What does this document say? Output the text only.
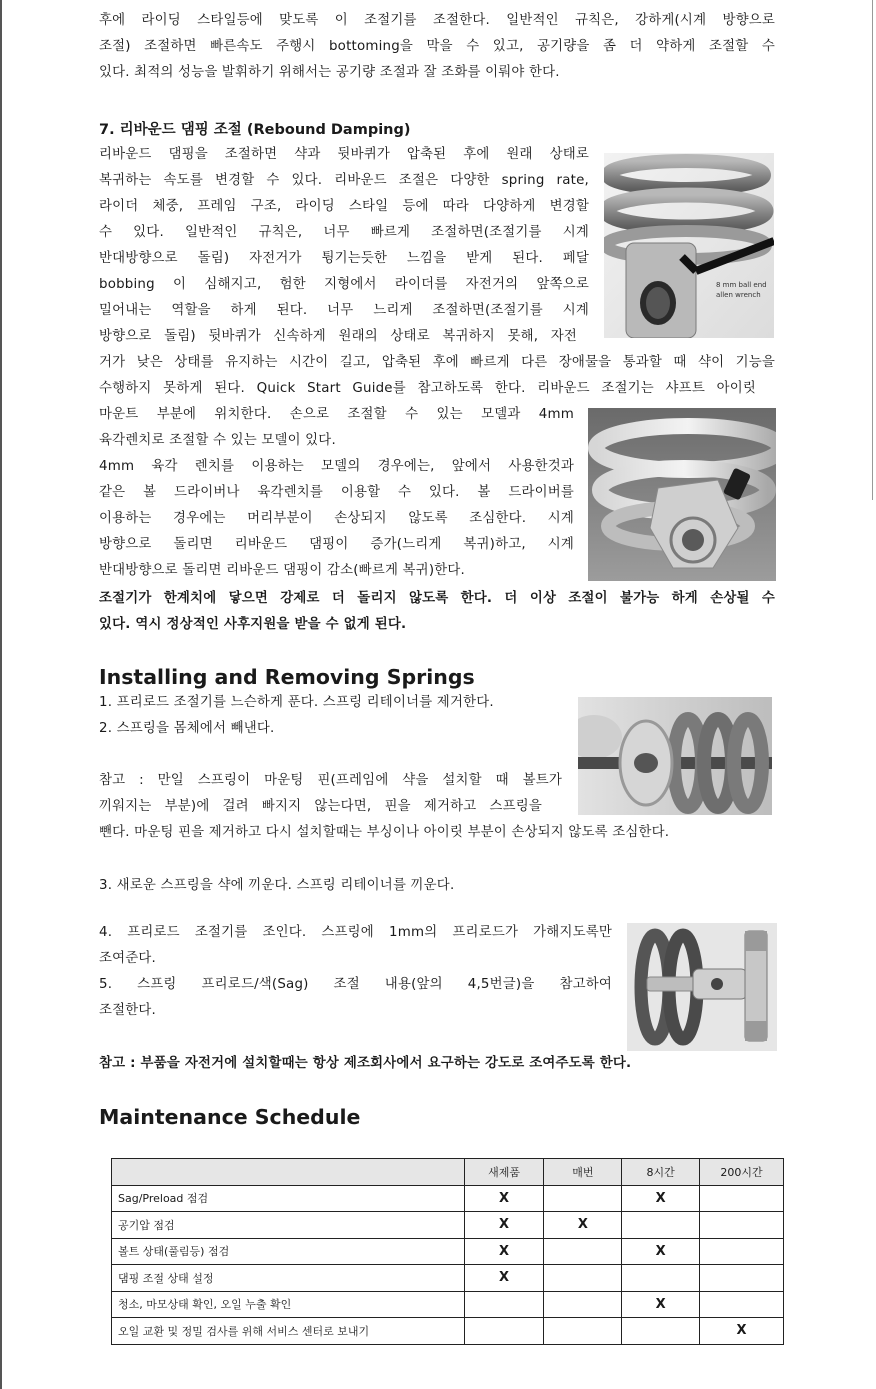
후에 라이딩 스타일등에 맞도록 이 조절기를 조절한다. 일반적인 규칙은, 강하게(시계 방향으로

조절) 조절하면 빠른속도 주행시 bottoming을 막을 수 있고, 공기량을 좀 더 약하게 조절할 수

있다. 최적의 성능을 발휘하기 위해서는 공기량 조절과 잘 조화를 이뤄야 한다.

7. 리바운드 댐핑 조절 (Rebound Damping)

리바운드 댐핑을 조절하면 샥과 뒷바퀴가 압축된 후에 원래 상태로

복귀하는 속도를 변경할 수 있다. 리바운드 조절은 다양한 spring rate,

라이더 체중, 프레임 구조, 라이딩 스타일 등에 따라 다양하게 변경할

수 있다. 일반적인 규칙은, 너무 빠르게 조절하면(조절기를 시계

반대방향으로 돌림) 자전거가 튕기는듯한 느낌을 받게 된다. 페달

bobbing 이 심해지고, 험한 지형에서 라이더를 자전거의 앞쪽으로

밀어내는 역할을 하게 된다. 너무 느리게 조절하면(조절기를 시계

방향으로 돌림) 뒷바퀴가 신속하게 원래의 상태로 복귀하지 못해, 자전

거가 낮은 상태를 유지하는 시간이 길고, 압축된 후에 빠르게 다른 장애물을 통과할 때 샥이 기능을

수행하지 못하게 된다. Quick Start Guide를 참고하도록 한다. 리바운드 조절기는 샤프트 아이릿

마운트 부분에 위치한다. 손으로 조절할 수 있는 모델과 4mm

육각렌치로 조절할 수 있는 모델이 있다.

4mm 육각 렌치를 이용하는 모델의 경우에는, 앞에서 사용한것과

같은 볼 드라이버나 육각렌치를 이용할 수 있다. 볼 드라이버를

이용하는 경우에는 머리부분이 손상되지 않도록 조심한다. 시계

방향으로 돌리면 리바운드 댐핑이 증가(느리게 복귀)하고, 시계

반대방향으로 돌리면 리바운드 댐핑이 감소(빠르게 복귀)한다.

조절기가 한계치에 닿으면 강제로 더 돌리지 않도록 한다. 더 이상 조절이 불가능 하게 손상될 수

있다. 역시 정상적인 사후지원을 받을 수 없게 된다.

8 mm ball end
allen wrench
Installing and Removing Springs

1. 프리로드 조절기를 느슨하게 푼다. 스프링 리테이너를 제거한다.

2. 스프링을 몸체에서 빼낸다.

참고 : 만일 스프링이 마운팅 핀(프레임에 샥을 설치할 때 볼트가

끼워지는 부분)에 걸려 빠지지 않는다면, 핀을 제거하고 스프링을

뺀다. 마운팅 핀을 제거하고 다시 설치할때는 부싱이나 아이릿 부분이 손상되지 않도록 조심한다.

3. 새로운 스프링을 샥에 끼운다. 스프링 리테이너를 끼운다.

4. 프리로드 조절기를 조인다. 스프링에 1mm의 프리로드가 가해지도록만

조여준다.

5. 스프링 프리로드/색(Sag) 조절 내용(앞의 4,5번글)을 참고하여

조절한다.

참고 : 부품을 자전거에 설치할때는 항상 제조회사에서 요구하는 강도로 조여주도록 한다.

Maintenance Schedule
	새제품	매번	8시간	200시간
Sag/Preload 점검	X		X	
공기압 점검	X	X		
볼트 상태(풀림등) 점검	X		X	
댐핑 조절 상태 설정	X			
청소, 마모상태 확인, 오일 누출 확인			X	
오일 교환 및 정밀 검사를 위해 서비스 센터로 보내기				X
